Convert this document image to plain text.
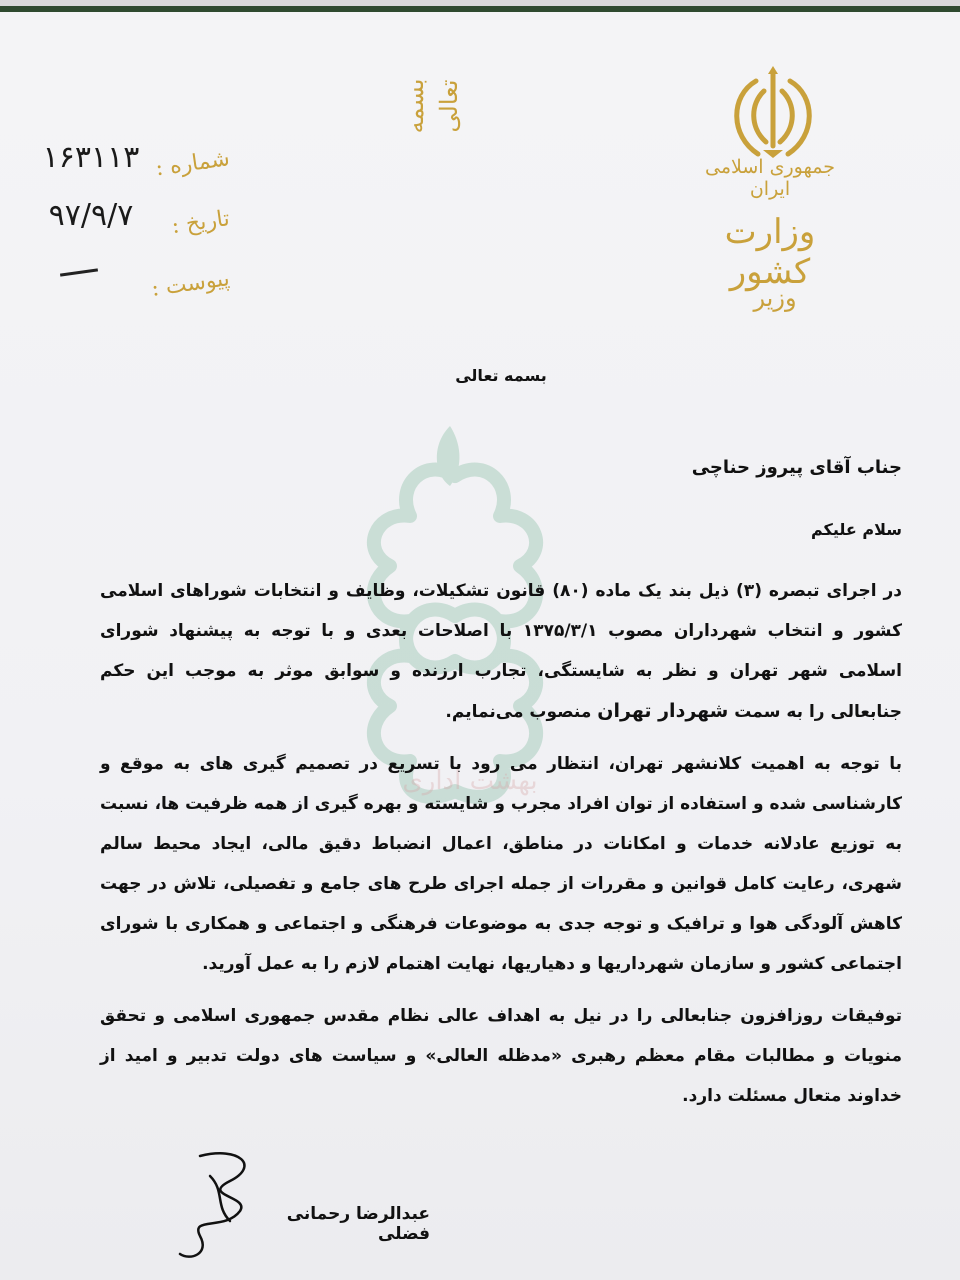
جمهوری اسلامی ایران
وزارت کشور
وزیر
بسمه تعالی
شماره :
تاریخ :
پیوست :
۱۶۳۱۱۳
۹۷/۹/۷
بهشت اداری
بسمه تعالی
جناب آقای پیروز حناچی
سلام علیکم

در اجرای تبصره (۳) ذیل بند یک ماده (۸۰) قانون تشکیلات، وظایف و انتخابات شوراهای اسلامی کشور و انتخاب شهرداران مصوب ۱۳۷۵/۳/۱ با اصلاحات بعدی و با توجه به پیشنهاد شورای اسلامی شهر تهران و نظر به شایستگی، تجارب ارزنده و سوابق موثر به موجب این حکم جنابعالی را به سمت شهردار تهران منصوب می‌نمایم.

با توجه به اهمیت کلانشهر تهران، انتظار می رود با تسریع در تصمیم گیری های به موقع و کارشناسی شده و استفاده از توان افراد مجرب و شایسته و بهره گیری از همه ظرفیت ها، نسبت به توزیع عادلانه خدمات و امکانات در مناطق، اعمال انضباط دقیق مالی، ایجاد محیط سالم شهری، رعایت کامل قوانین و مقررات از جمله اجرای طرح های جامع و تفصیلی، تلاش در جهت کاهش آلودگی هوا و ترافیک و توجه جدی به موضوعات فرهنگی و اجتماعی و همکاری با شورای اجتماعی کشور و سازمان شهرداریها و دهیاریها، نهایت اهتمام لازم را به عمل آورید.

توفیقات روزافزون جنابعالی را در نیل به اهداف عالی نظام مقدس جمهوری اسلامی و تحقق منویات و مطالبات مقام معظم رهبری «مدظله العالی» و سیاست های دولت تدبیر و امید از خداوند متعال مسئلت دارد.

عبدالرضا رحمانی فضلی
